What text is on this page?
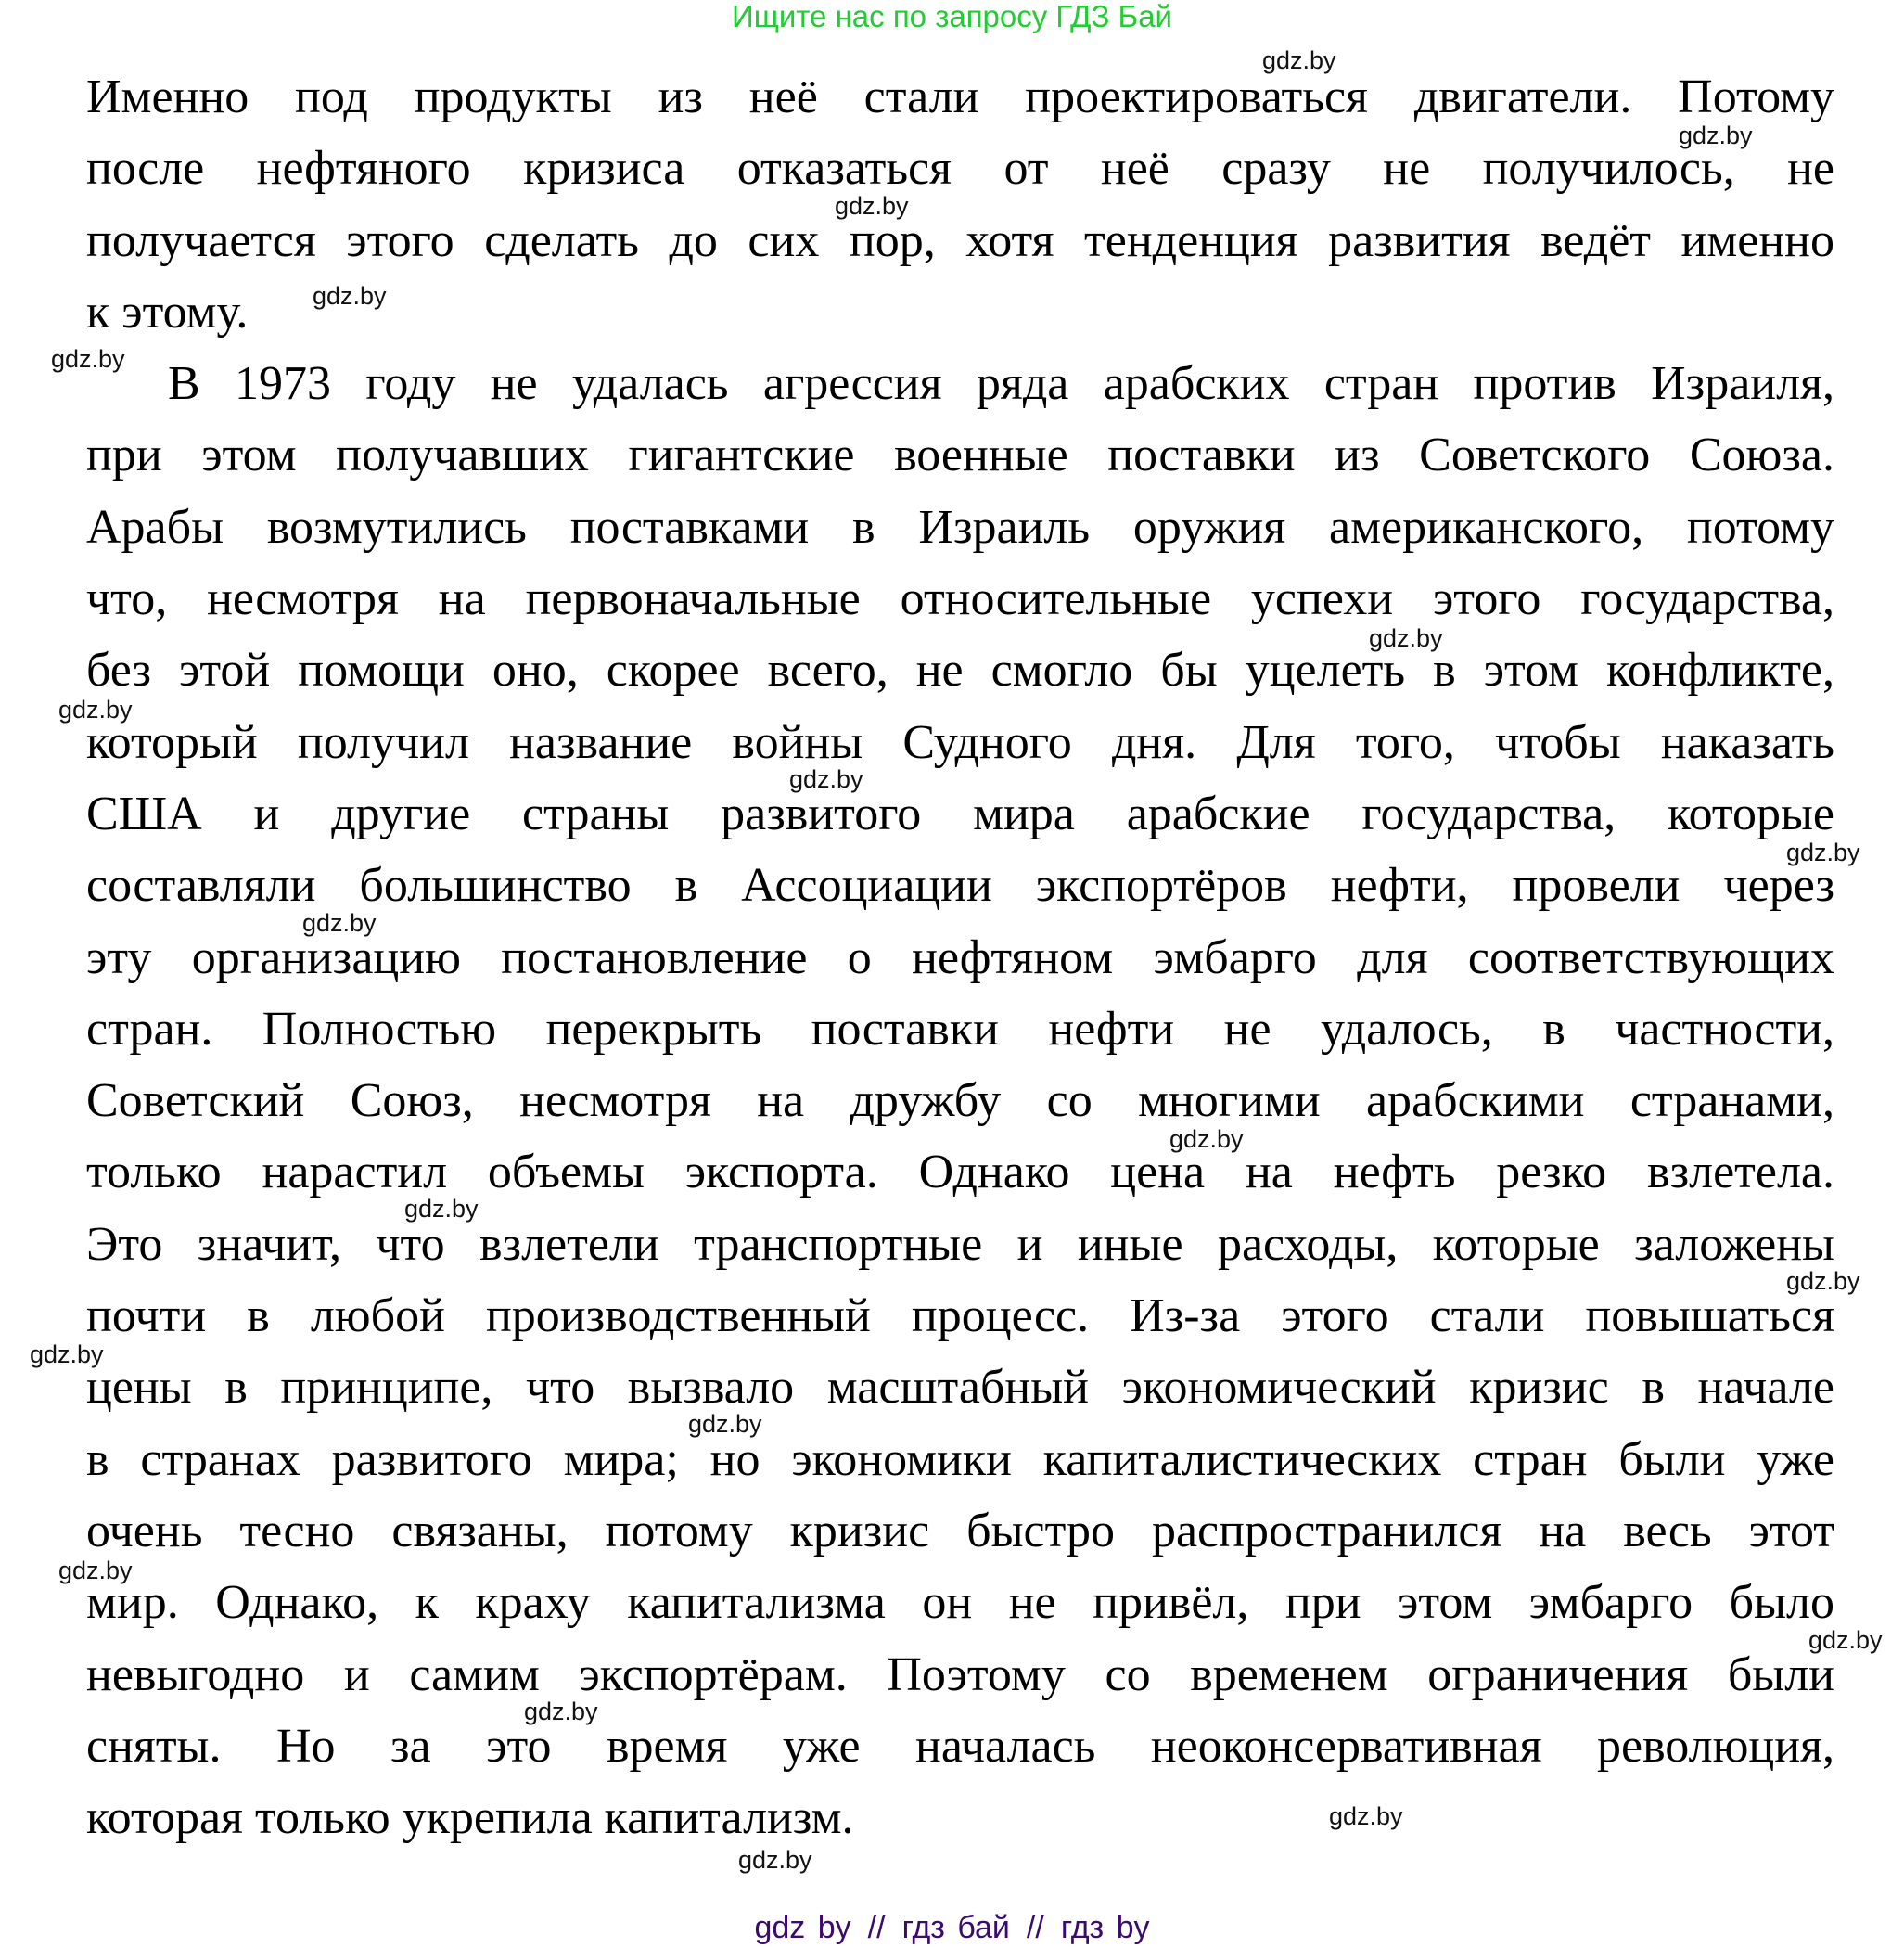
Ищите нас по запросу ГДЗ Бай
Именно под продукты из неё стали проектироваться двигатели. Потому
после нефтяного кризиса отказаться от неё сразу не получилось, не
получается этого сделать до сих пор, хотя тенденция развития ведёт именно
к этому.
В 1973 году не удалась агрессия ряда арабских стран против Израиля,
при этом получавших гигантские военные поставки из Советского Союза.
Арабы возмутились поставками в Израиль оружия американского, потому
что, несмотря на первоначальные относительные успехи этого государства,
без этой помощи оно, скорее всего, не смогло бы уцелеть в этом конфликте,
который получил название войны Судного дня. Для того, чтобы наказать
США и другие страны развитого мира арабские государства, которые
составляли большинство в Ассоциации экспортёров нефти, провели через
эту организацию постановление о нефтяном эмбарго для соответствующих
стран. Полностью перекрыть поставки нефти не удалось, в частности,
Советский Союз, несмотря на дружбу со многими арабскими странами,
только нарастил объемы экспорта. Однако цена на нефть резко взлетела.
Это значит, что взлетели транспортные и иные расходы, которые заложены
почти в любой производственный процесс. Из-за этого стали повышаться
цены в принципе, что вызвало масштабный экономический кризис в начале
в странах развитого мира; но экономики капиталистических стран были уже
очень тесно связаны, потому кризис быстро распространился на весь этот
мир. Однако, к краху капитализма он не привёл, при этом эмбарго было
невыгодно и самим экспортёрам. Поэтому со временем ограничения были
сняты. Но за это время уже началась неоконсервативная революция,
которая только укрепила капитализм.
gdz.by
gdz.by
gdz.by
gdz.by
gdz.by
gdz.by
gdz.by
gdz.by
gdz.by
gdz.by
gdz.by
gdz.by
gdz.by
gdz.by
gdz.by
gdz.by
gdz.by
gdz.by
gdz.by
gdz.by
gdz by // гдз бай // гдз by
